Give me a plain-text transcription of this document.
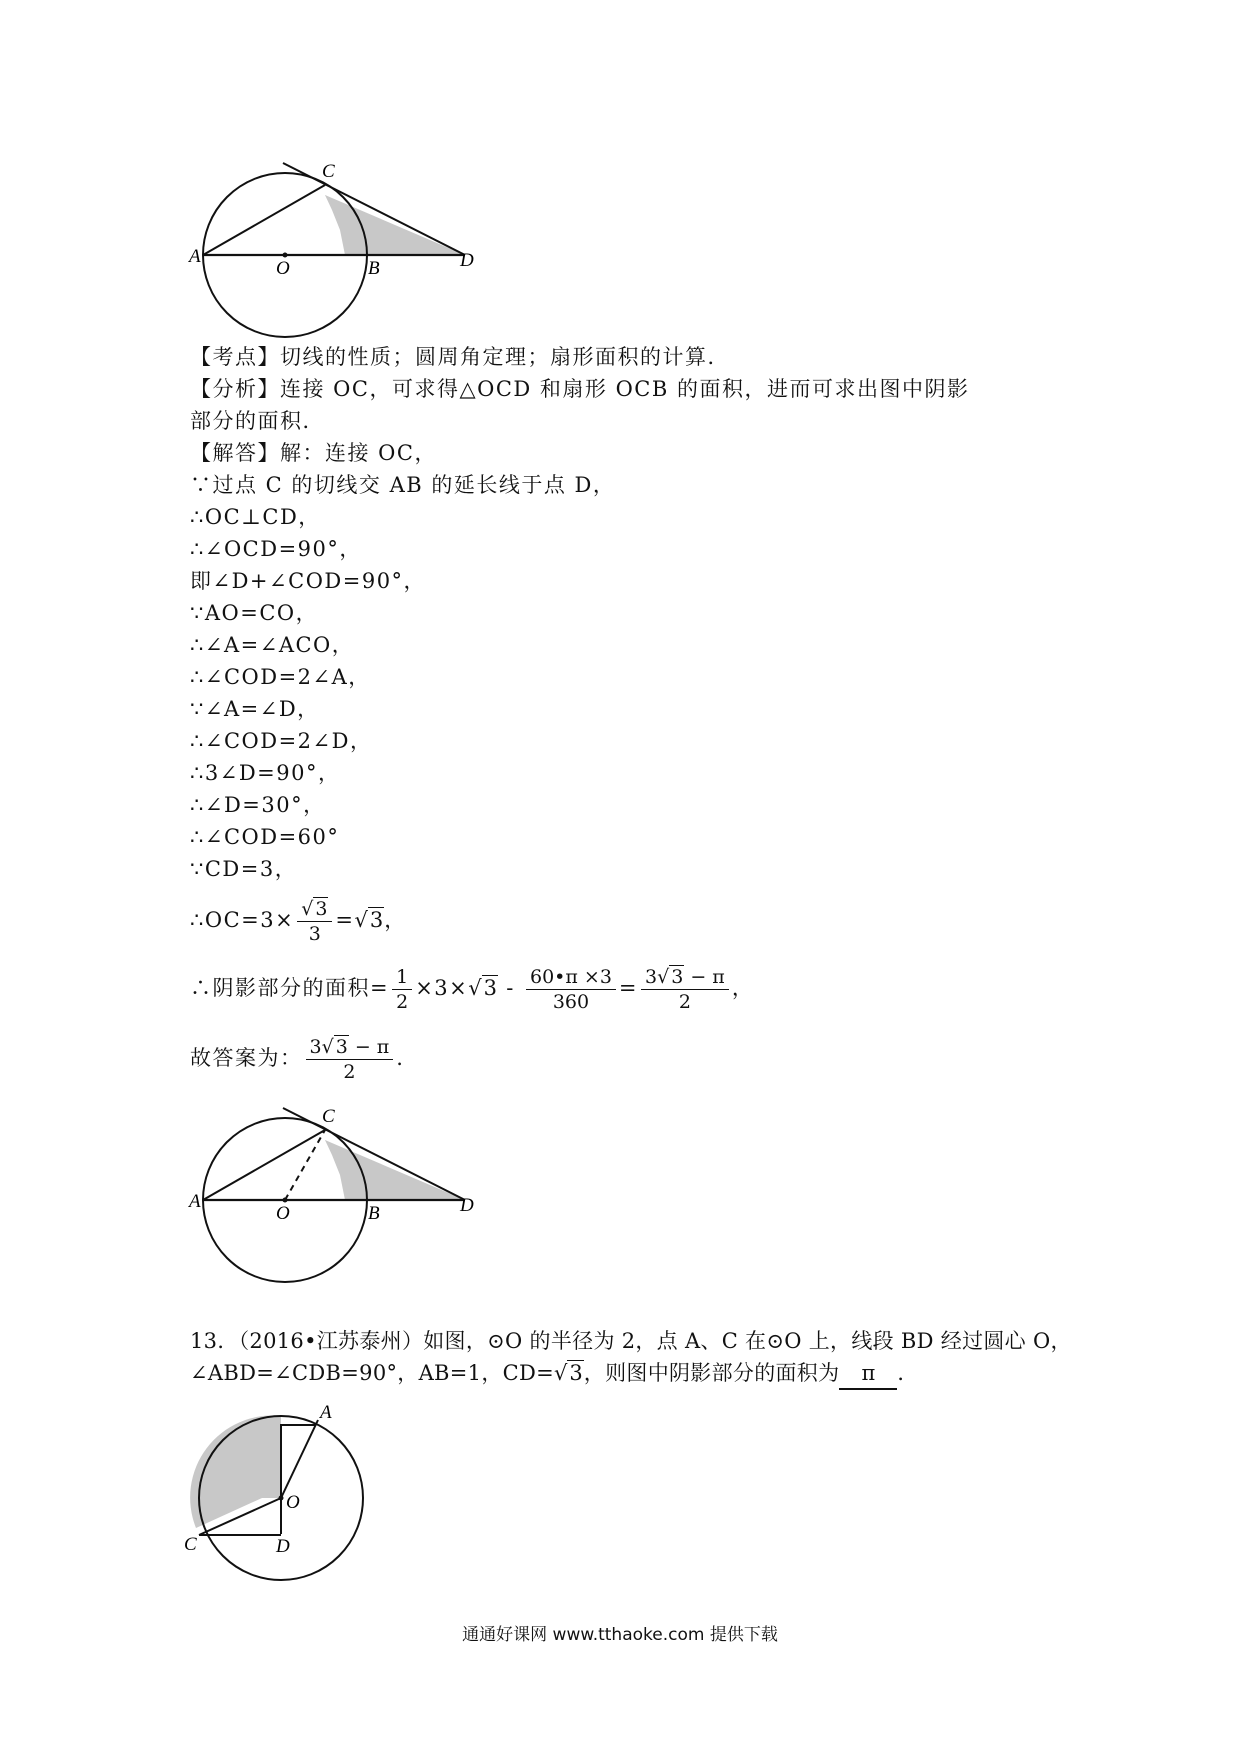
C
A
O	B	D
【考点】切线的性质；圆周角定理；扇形面积的计算．
【分析】连接 OC，可求得△OCD 和扇形 OCB 的面积，进而可求出图中阴影
部分的面积．
【解答】解：连接 OC，
∵过点 C 的切线交 AB 的延长线于点 D，
∴OC⊥CD，
∴∠OCD=90°，
即∠D+∠COD=90°，
∵AO=CO，
∴∠A=∠ACO，
∴∠COD=2∠A，
∵∠A=∠D，
∴∠COD=2∠D，
∴3∠D=90°，
∴∠D=30°，
∴∠COD=60°
∵CD=3，
∴OC=3× $\frac{√ 3}{3} =√3$，
∴阴影部分的面积= $\frac{1}{2} \times 3\times√3 - \frac{60•\pi \times 3}{360} = \frac{3√ 3 - \pi}{2}$ ，
故答案为： $\frac{3√ 3 - \pi}{2}$ .
C
A
O	B	D
13．（2016•江苏泰州）如图，⊙O 的半径为 2，点 A、C 在⊙O 上，线段 BD 经过圆心 O，
∠ABD=∠CDB=90°，AB=1，CD=√3，则图中阴影部分的面积为 π ．
A
O
C	D
通通好课网 www.tthaoke.com 提供下载
